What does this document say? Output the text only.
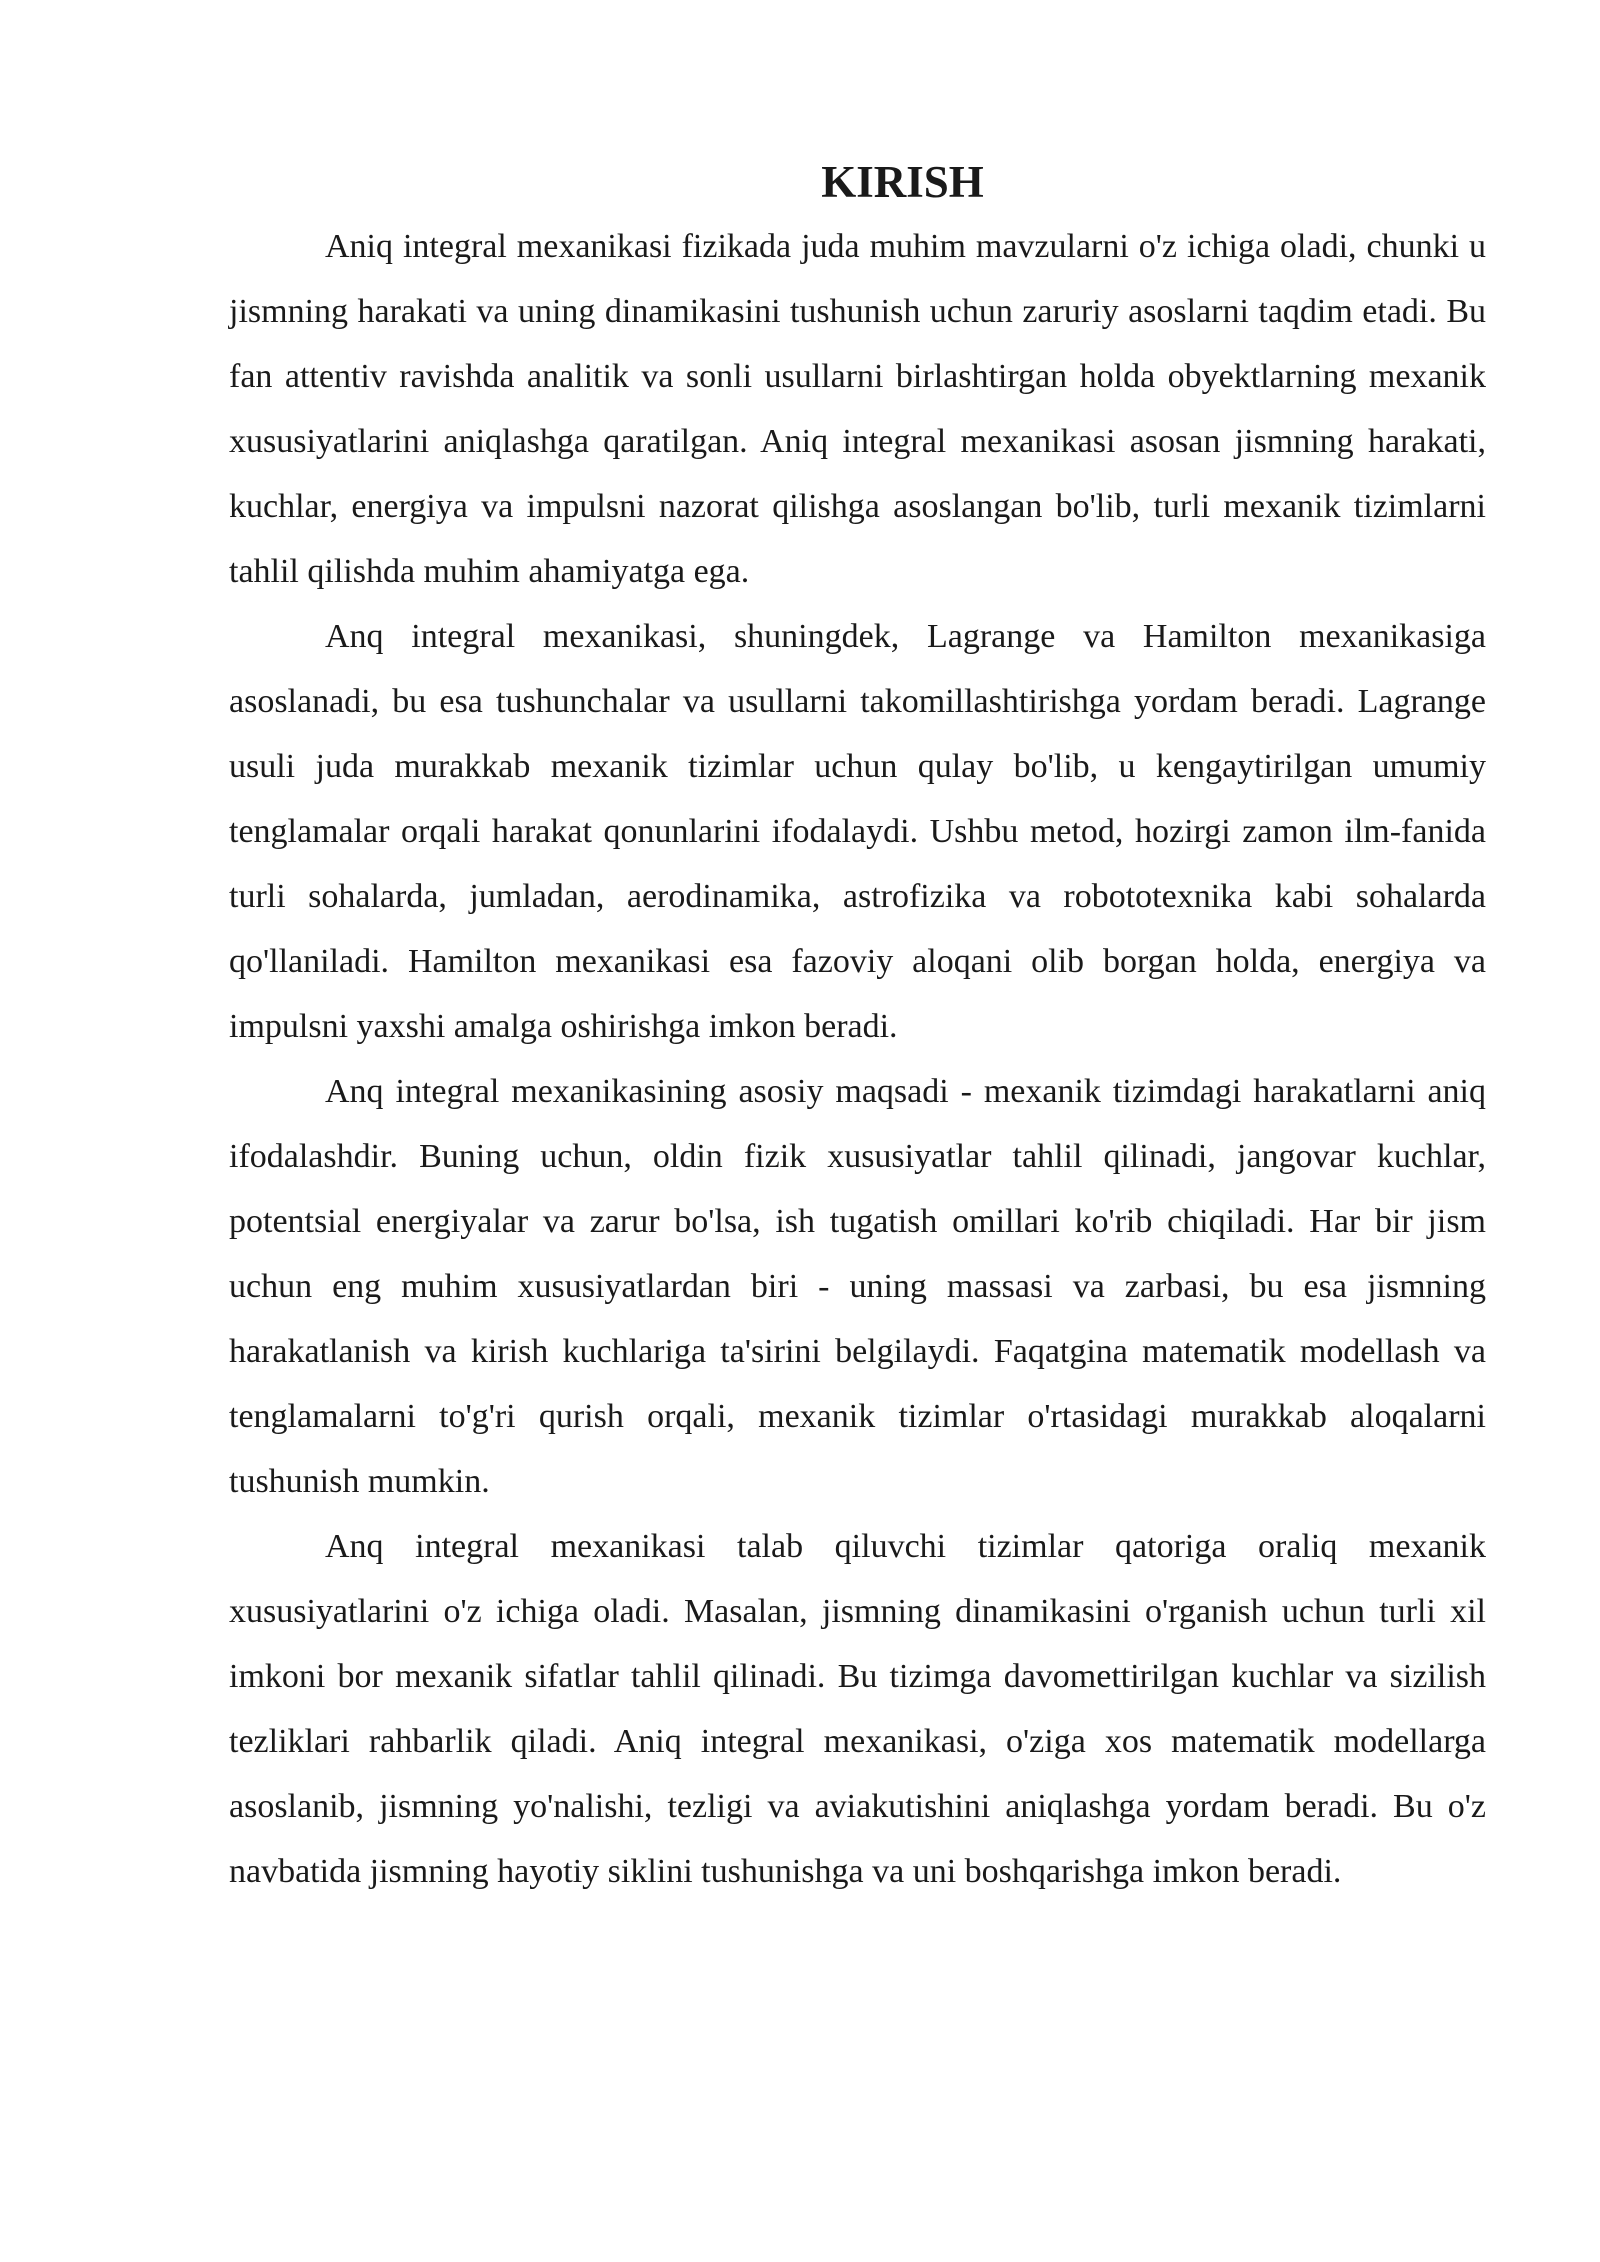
KIRISH

Aniq integral mexanikasi fizikada juda muhim mavzularni o'z ichiga oladi, chunki u jismning harakati va uning dinamikasini tushunish uchun zaruriy asoslarni taqdim etadi. Bu fan attentiv ravishda analitik va sonli usullarni birlashtirgan holda obyektlarning mexanik xususiyatlarini aniqlashga qaratilgan. Aniq integral mexanikasi asosan jismning harakati, kuchlar, energiya va impulsni nazorat qilishga asoslangan bo'lib, turli mexanik tizimlarni tahlil qilishda muhim ahamiyatga ega.

Anq integral mexanikasi, shuningdek, Lagrange va Hamilton mexanikasiga asoslanadi, bu esa tushunchalar va usullarni takomillashtirishga yordam beradi. Lagrange usuli juda murakkab mexanik tizimlar uchun qulay bo'lib, u kengaytirilgan umumiy tenglamalar orqali harakat qonunlarini ifodalaydi. Ushbu metod, hozirgi zamon ilm-fanida turli sohalarda, jumladan, aerodinamika, astrofizika va robototexnika kabi sohalarda qo'llaniladi. Hamilton mexanikasi esa fazoviy aloqani olib borgan holda, energiya va impulsni yaxshi amalga oshirishga imkon beradi.

Anq integral mexanikasining asosiy maqsadi - mexanik tizimdagi harakatlarni aniq ifodalashdir. Buning uchun, oldin fizik xususiyatlar tahlil qilinadi, jangovar kuchlar, potentsial energiyalar va zarur bo'lsa, ish tugatish omillari ko'rib chiqiladi. Har bir jism uchun eng muhim xususiyatlardan biri - uning massasi va zarbasi, bu esa jismning harakatlanish va kirish kuchlariga ta'sirini belgilaydi. Faqatgina matematik modellash va tenglamalarni to'g'ri qurish orqali, mexanik tizimlar o'rtasidagi murakkab aloqalarni tushunish mumkin.

Anq integral mexanikasi talab qiluvchi tizimlar qatoriga oraliq mexanik xususiyatlarini o'z ichiga oladi. Masalan, jismning dinamikasini o'rganish uchun turli xil imkoni bor mexanik sifatlar tahlil qilinadi. Bu tizimga davomettirilgan kuchlar va sizilish tezliklari rahbarlik qiladi. Aniq integral mexanikasi, o'ziga xos matematik modellarga asoslanib, jismning yo'nalishi, tezligi va aviakutishini aniqlashga yordam beradi. Bu o'z navbatida jismning hayotiy siklini tushunishga va uni boshqarishga imkon beradi.
